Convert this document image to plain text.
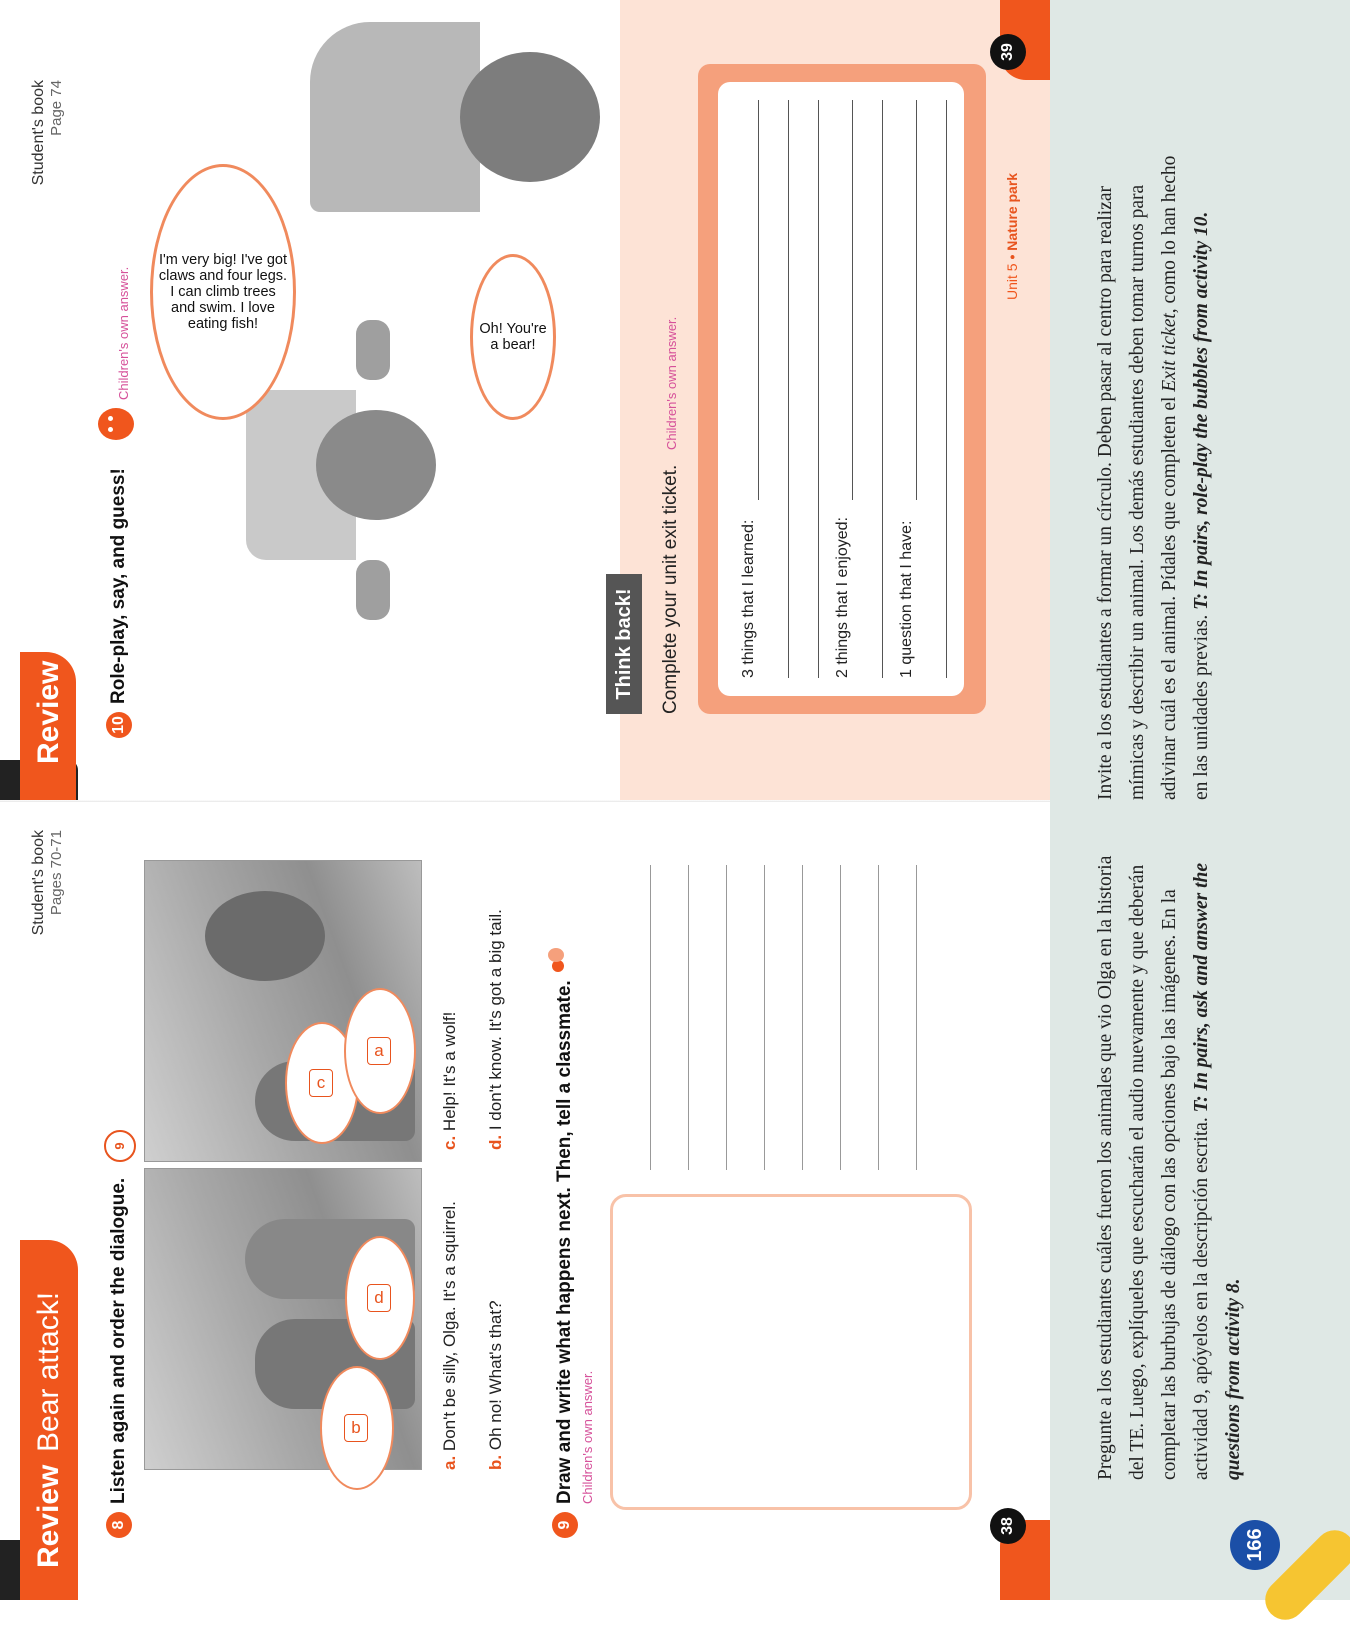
Review
Bear attack!
Student's book Pages 70-71
8
Listen again and order the dialogue.
9
b
d
c
a
a. Don't be silly, Olga. It's a squirrel.
b. Oh no! What's that?
c. Help! It's a wolf!
d. I don't know. It's got a big tail.
9
Draw and write what happens next. Then, tell a classmate. Children's own answer.
38
Review
Student's book Page 74
10
Role-play, say, and guess!
Children's own answer.
I'm very big! I've got claws and four legs. I can climb trees and swim. I love eating fish!	Oh! You're a bear!
Think back!	Complete your unit exit ticket.
Children's own answer.
3 things that I learned:	2 things that I enjoyed:	1 question that I have:
Unit 5 • Nature park
39
Pregunte a los estudiantes cuáles fueron los animales que vio Olga en la historia del TE. Luego, explíqueles que escucharán el audio nuevamente y que deberán completar las burbujas de diálogo con las opciones bajo las imágenes. En la actividad 9, apóyelos en la descripción escrita. T: In pairs, ask and answer the questions from activity 8.
Invite a los estudiantes a formar un círculo. Deben pasar al centro para realizar mímicas y describir un animal. Los demás estudiantes deben tomar turnos para adivinar cuál es el animal. Pídales que completen el Exit ticket, como lo han hecho en las unidades previas. T: In pairs, role-play the bubbles from activity 10.
166
